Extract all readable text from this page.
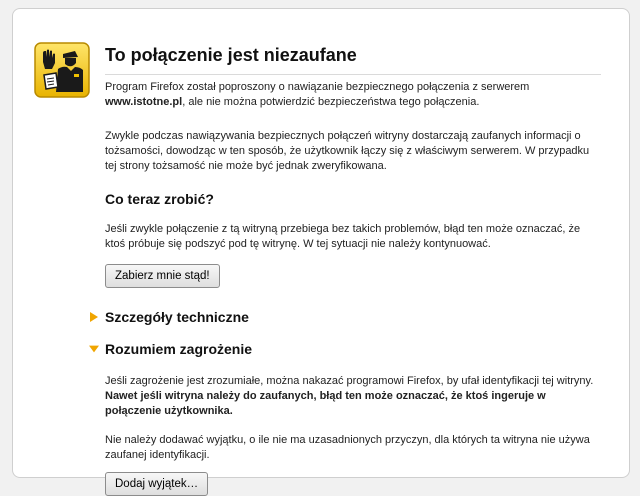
To połączenie jest niezaufane

Program Firefox został poproszony o nawiązanie bezpiecznego połączenia z serwerem www.istotne.pl, ale nie można potwierdzić bezpieczeństwa tego połączenia.

Zwykle podczas nawiązywania bezpiecznych połączeń witryny dostarczają zaufanych informacji o tożsamości, dowodząc w ten sposób, że użytkownik łączy się z właściwym serwerem. W przypadku tej strony tożsamość nie może być jednak zweryfikowana.

Co teraz zrobić?

Jeśli zwykle połączenie z tą witryną przebiega bez takich problemów, błąd ten może oznaczać, że ktoś próbuje się podszyć pod tę witrynę. W tej sytuacji nie należy kontynuować.

Zabierz mnie stąd!
Szczegóły techniczne
Rozumiem zagrożenie

Jeśli zagrożenie jest zrozumiałe, można nakazać programowi Firefox, by ufał identyfikacji tej witryny. Nawet jeśli witryna należy do zaufanych, błąd ten może oznaczać, że ktoś ingeruje w połączenie użytkownika.

Nie należy dodawać wyjątku, o ile nie ma uzasadnionych przyczyn, dla których ta witryna nie używa zaufanej identyfikacji.

Dodaj wyjątek…
